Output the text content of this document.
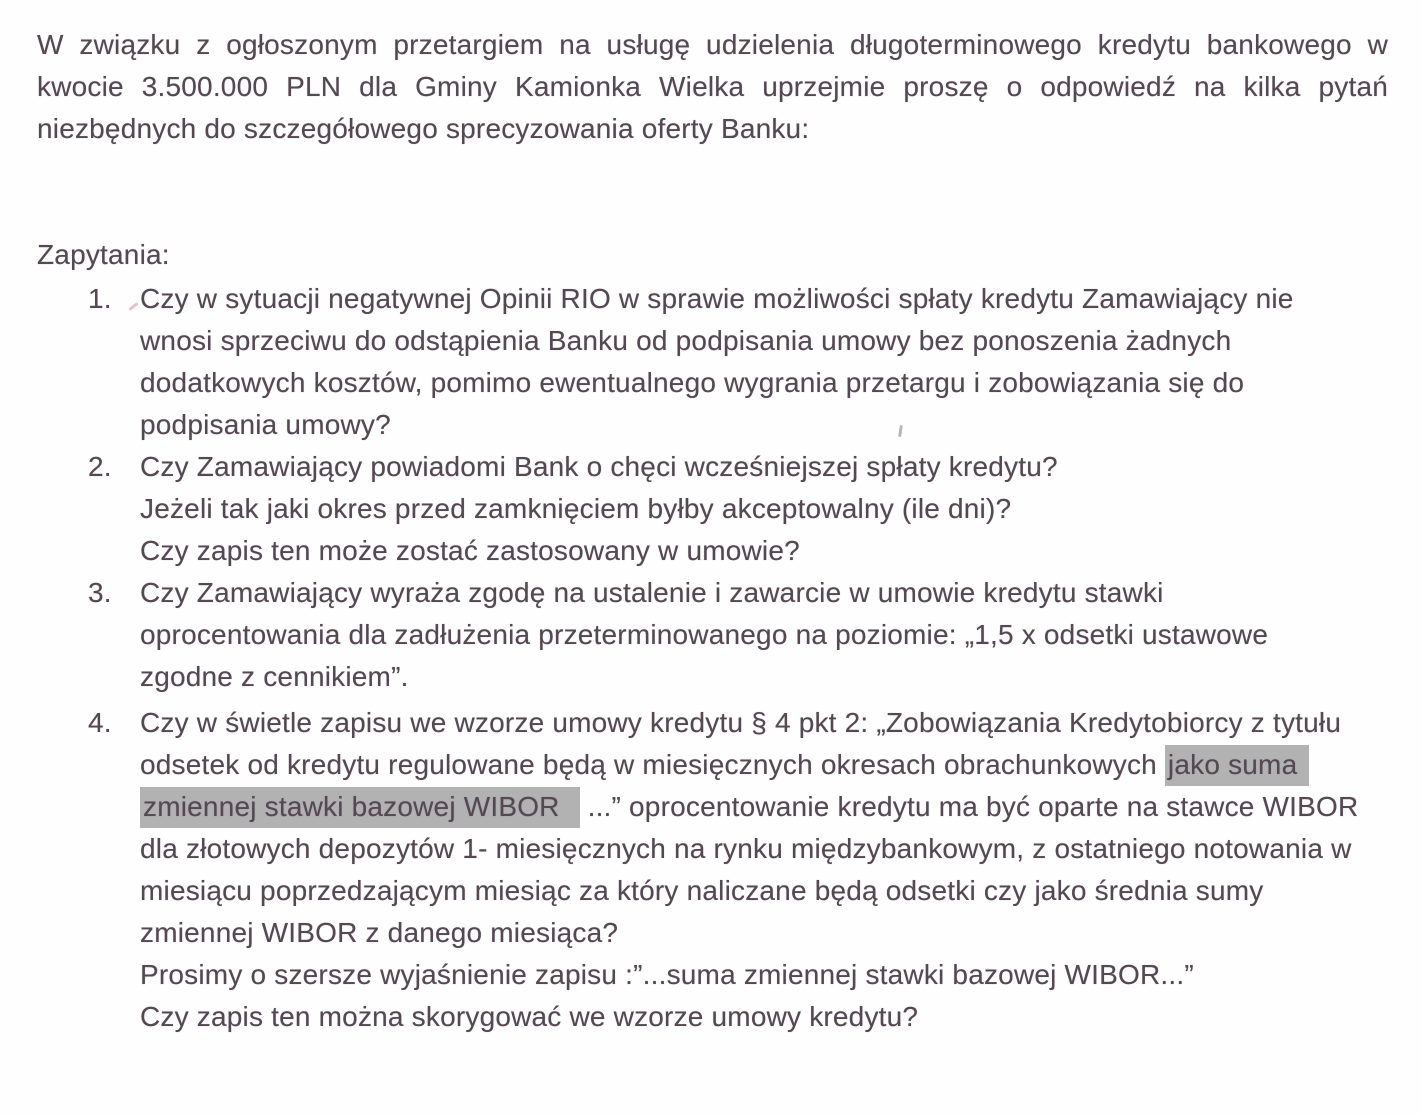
W związku z ogłoszonym przetargiem na usługę udzielenia długoterminowego kredytu bankowego w
kwocie 3.500.000 PLN dla Gminy Kamionka Wielka uprzejmie proszę o odpowiedź na kilka pytań
niezbędnych do szczegółowego sprecyzowania oferty Banku:
Zapytania:
1.	Czy w sytuacji negatywnej Opinii RIO w sprawie możliwości spłaty kredytu Zamawiający nie
wnosi sprzeciwu do odstąpienia Banku od podpisania umowy bez ponoszenia żadnych
dodatkowych kosztów, pomimo ewentualnego wygrania przetargu i zobowiązania się do
podpisania umowy?
2.	Czy Zamawiający powiadomi Bank o chęci wcześniejszej spłaty kredytu?
Jeżeli tak jaki okres przed zamknięciem byłby akceptowalny (ile dni)?
Czy zapis ten może zostać zastosowany w umowie?
3.	Czy Zamawiający wyraża zgodę na ustalenie i zawarcie w umowie kredytu stawki
oprocentowania dla zadłużenia przeterminowanego na poziomie: „1,5 x odsetki ustawowe
zgodne z cennikiem”.
4.	Czy w świetle zapisu we wzorze umowy kredytu § 4 pkt 2: „Zobowiązania Kredytobiorcy z tytułu
odsetek od kredytu regulowane będą w miesięcznych okresach obrachunkowych jako suma
zmiennej stawki bazowej WIBOR ...” oprocentowanie kredytu ma być oparte na stawce WIBOR
dla złotowych depozytów 1- miesięcznych na rynku międzybankowym, z ostatniego notowania w
miesiącu poprzedzającym miesiąc za który naliczane będą odsetki czy jako średnia sumy
zmiennej WIBOR z danego miesiąca?
Prosimy o szersze wyjaśnienie zapisu :”...suma zmiennej stawki bazowej WIBOR...”
Czy zapis ten można skorygować we wzorze umowy kredytu?
